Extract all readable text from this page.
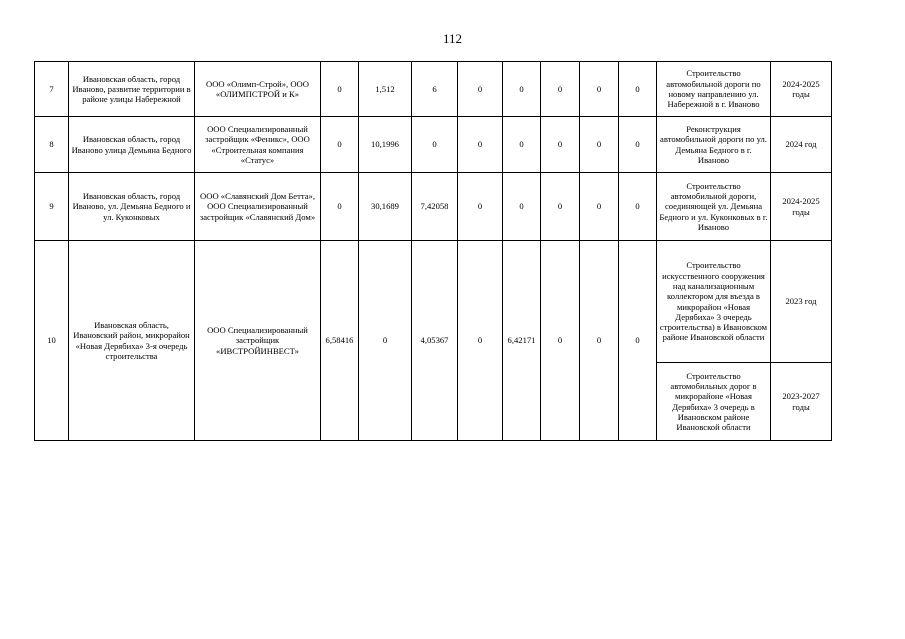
112
7	Ивановская область, город Иваново, развитие территории в районе улицы Набережной	ООО «Олимп-Строй», ООО «ОЛИМПСТРОЙ и К»	0	1,512	6	0	0	0	0	0	Строительство автомобильной дороги по новому направлению ул. Набережной в г. Иваново	2024-2025 годы
8	Ивановская область, город Иваново улица Демьяна Бедного	ООО Специализированный застройщик «Феникс», ООО «Строительная компания «Статус»	0	10,1996	0	0	0	0	0	0	Реконструкция автомобильной дороги по ул. Демьяна Бедного в г. Иваново	2024 год
9	Ивановская область, город Иваново, ул. Демьяна Бедного и ул. Куконковых	ООО «Славянский Дом Бетта», ООО Специализированный застройщик «Славянский Дом»	0	30,1689	7,42058	0	0	0	0	0	Строительство автомобильной дороги, соединяющей ул. Демьяна Бедного и ул. Куконковых в г. Иваново	2024-2025 годы
10	Ивановская область, Ивановский район, микрорайон «Новая Дерябиха» 3-я очередь строительства	ООО Специализированный застройщик «ИВСТРОЙИНВЕСТ»	6,58416	0	4,05367	0	6,42171	0	0	0	Строительство искусственного сооружения над канализационным коллектором для въезда в микрорайон «Новая Дерябиха» 3 очередь строительства) в Ивановском районе Ивановской области	2023 год
											Строительство автомобильных дорог в микрорайоне «Новая Дерябиха» 3 очередь в Ивановском районе Ивановской области	2023-2027 годы
